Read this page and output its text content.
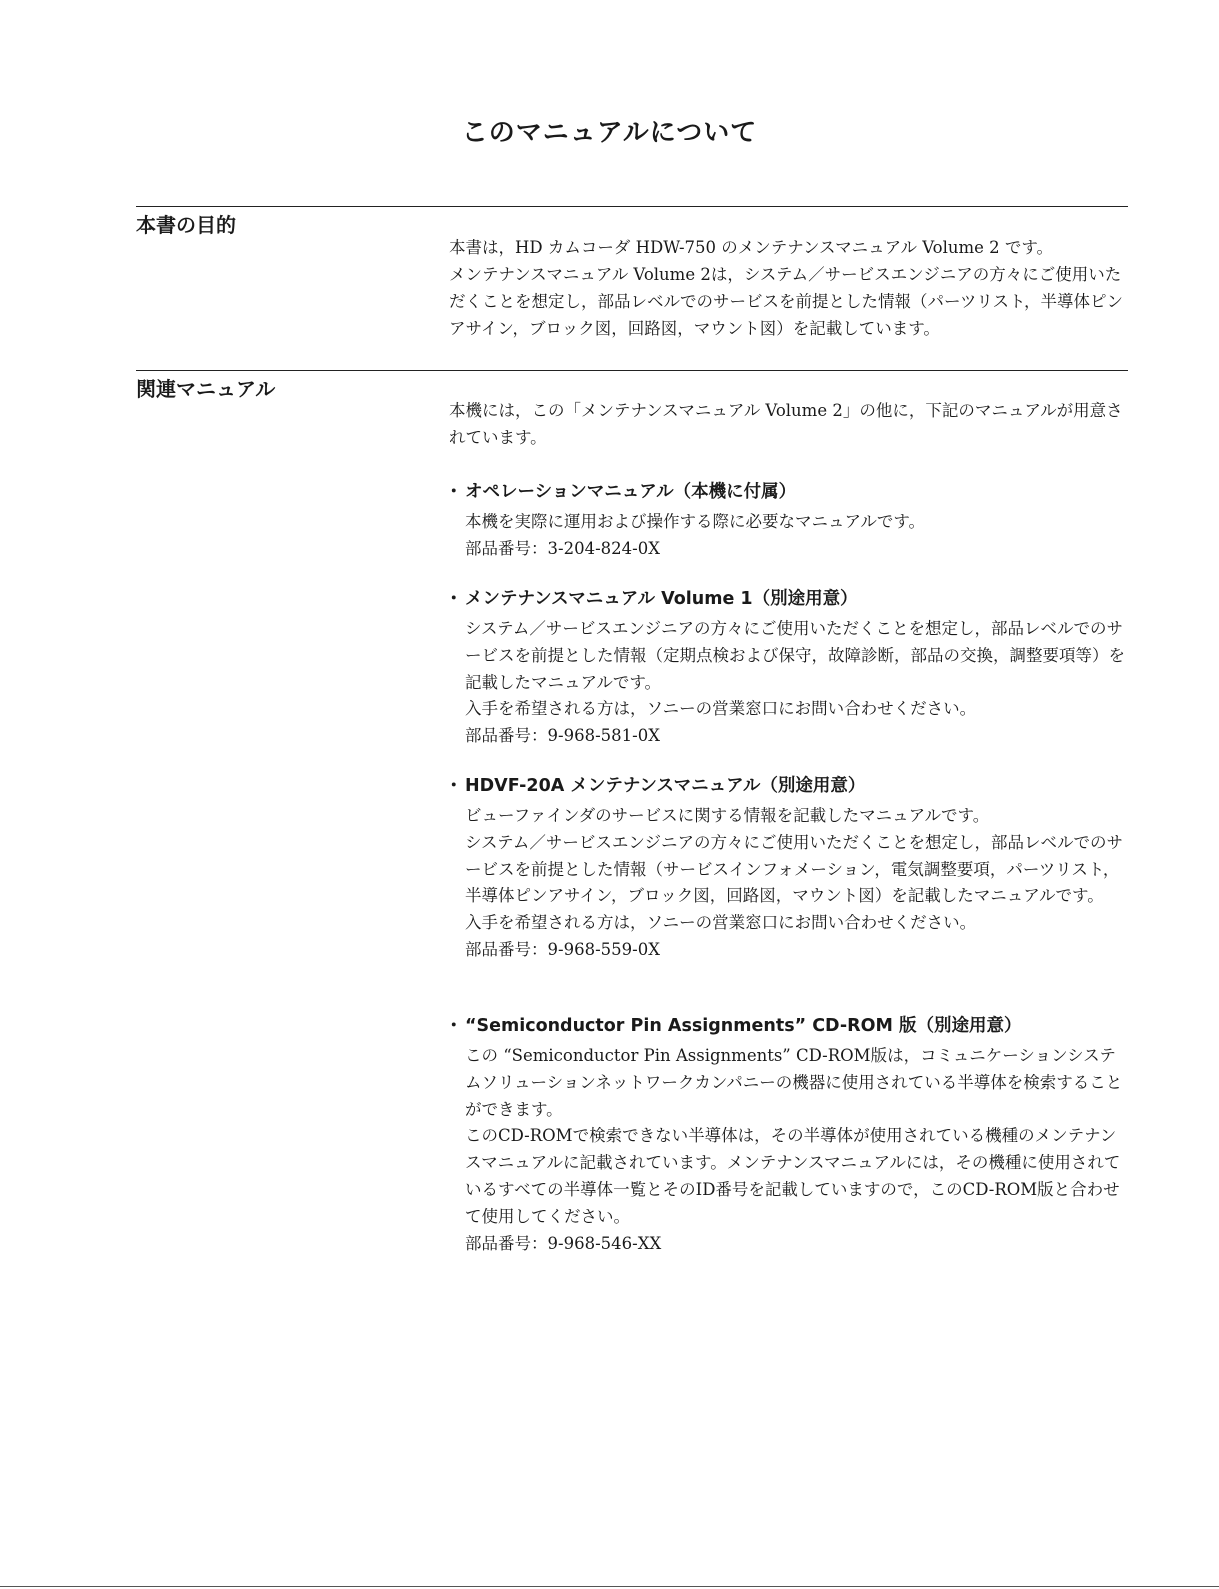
このマニュアルについて
本書の目的

本書は，HD カムコーダ HDW-750 のメンテナンスマニュアル Volume 2 です。

メンテナンスマニュアル Volume 2は，システム／サービスエンジニアの方々にご使用いただくことを想定し，部品レベルでのサービスを前提とした情報（パーツリスト，半導体ピンアサイン，ブロック図，回路図，マウント図）を記載しています。

関連マニュアル

本機には，この「メンテナンスマニュアル Volume 2」の他に，下記のマニュアルが用意されています。

・ オペレーションマニュアル（本機に付属）

本機を実際に運用および操作する際に必要なマニュアルです。

部品番号：3-204-824-0X

・ メンテナンスマニュアル Volume 1（別途用意）

システム／サービスエンジニアの方々にご使用いただくことを想定し，部品レベルでのサービスを前提とした情報（定期点検および保守，故障診断，部品の交換，調整要項等）を記載したマニュアルです。

入手を希望される方は，ソニーの営業窓口にお問い合わせください。

部品番号：9-968-581-0X

・ HDVF-20A メンテナンスマニュアル（別途用意）

ビューファインダのサービスに関する情報を記載したマニュアルです。

システム／サービスエンジニアの方々にご使用いただくことを想定し，部品レベルでのサービスを前提とした情報（サービスインフォメーション，電気調整要項，パーツリスト，半導体ピンアサイン，ブロック図，回路図，マウント図）を記載したマニュアルです。

入手を希望される方は，ソニーの営業窓口にお問い合わせください。

部品番号：9-968-559-0X

・ “Semiconductor Pin Assignments” CD-ROM 版（別途用意）

この “Semiconductor Pin Assignments” CD-ROM版は，コミュニケーションシステムソリューションネットワークカンパニーの機器に使用されている半導体を検索することができます。

このCD-ROMで検索できない半導体は，その半導体が使用されている機種のメンテナンスマニュアルに記載されています。メンテナンスマニュアルには，その機種に使用されているすべての半導体一覧とそのID番号を記載していますので，このCD-ROM版と合わせて使用してください。

部品番号：9-968-546-XX
